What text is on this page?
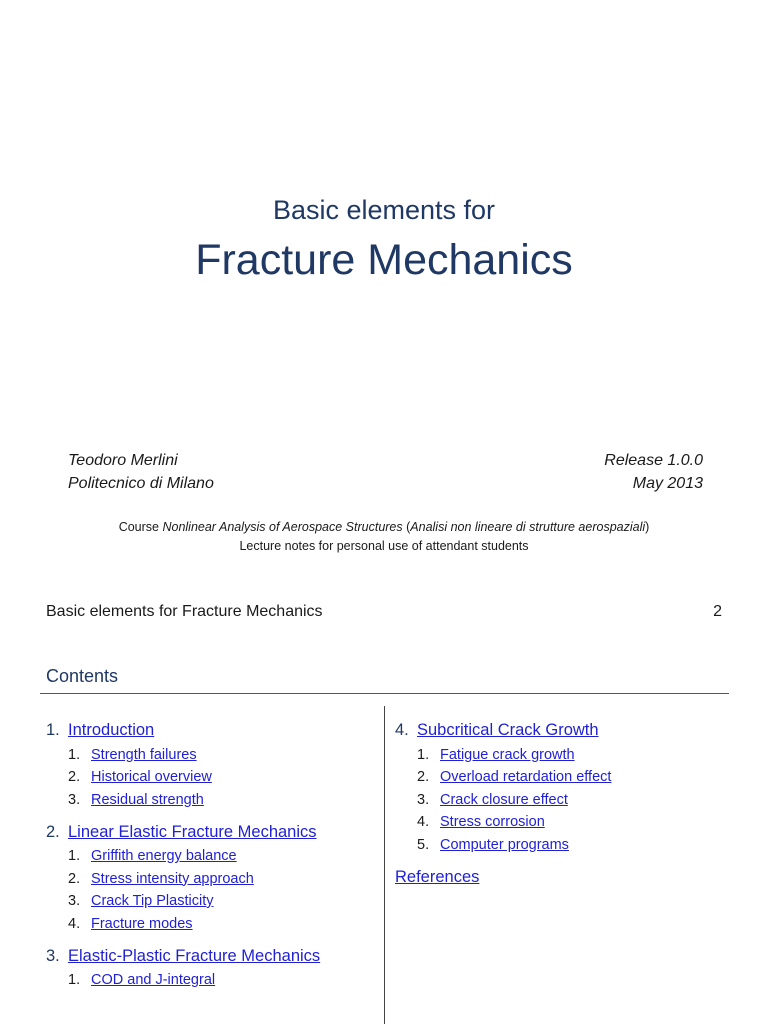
Basic elements for
Fracture Mechanics
Teodoro Merlini
Politecnico di Milano
Release 1.0.0
May 2013
Course Nonlinear Analysis of Aerospace Structures (Analisi non lineare di strutture aerospaziali)
Lecture notes for personal use of attendant students
Basic elements for Fracture Mechanics	2
Contents
1. Introduction
1. Strength failures
2. Historical overview
3. Residual strength
2. Linear Elastic Fracture Mechanics
1. Griffith energy balance
2. Stress intensity approach
3. Crack Tip Plasticity
4. Fracture modes
3. Elastic-Plastic Fracture Mechanics
1. COD and J-integral
4. Subcritical Crack Growth
1. Fatigue crack growth
2. Overload retardation effect
3. Crack closure effect
4. Stress corrosion
5. Computer programs
References
